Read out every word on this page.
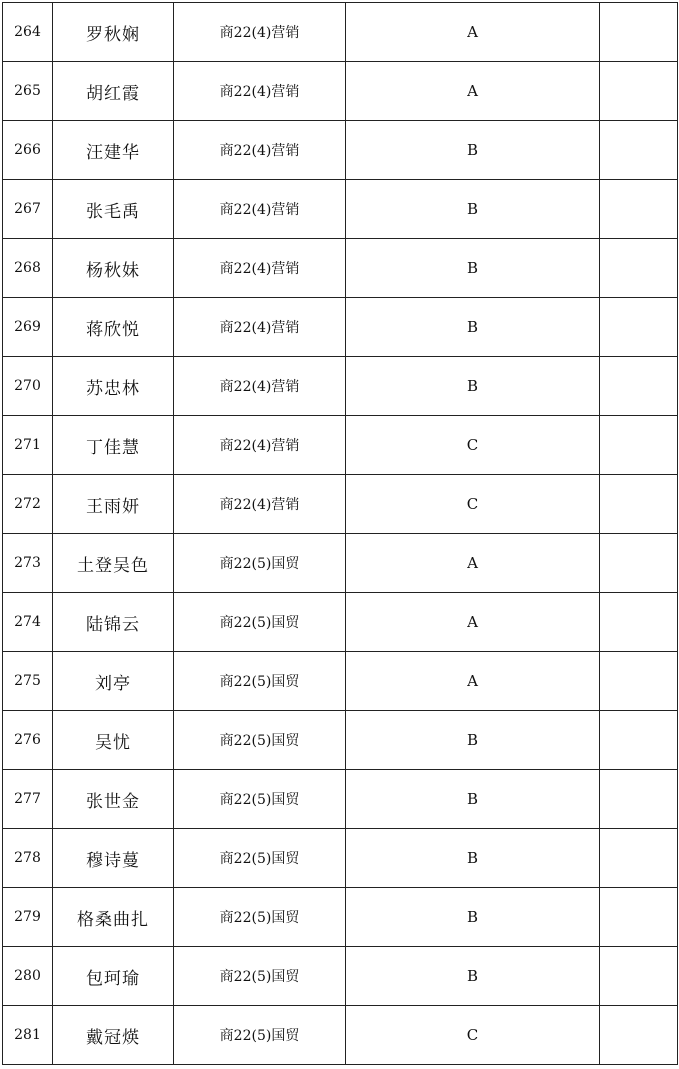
264	罗秋娴	商22(4)营销	A	
265	胡红霞	商22(4)营销	A	
266	汪建华	商22(4)营销	B	
267	张毛禹	商22(4)营销	B	
268	杨秋妹	商22(4)营销	B	
269	蒋欣悦	商22(4)营销	B	
270	苏忠林	商22(4)营销	B	
271	丁佳慧	商22(4)营销	C	
272	王雨妍	商22(4)营销	C	
273	土登吴色	商22(5)国贸	A	
274	陆锦云	商22(5)国贸	A	
275	刘亭	商22(5)国贸	A	
276	吴忧	商22(5)国贸	B	
277	张世金	商22(5)国贸	B	
278	穆诗蔓	商22(5)国贸	B	
279	格桑曲扎	商22(5)国贸	B	
280	包珂瑜	商22(5)国贸	B	
281	戴冠煐	商22(5)国贸	C	
